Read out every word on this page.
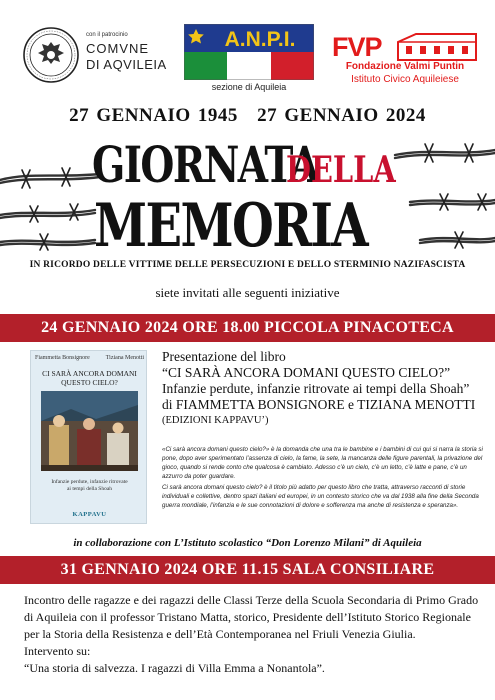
con il patrocinio
COMVNE
DI AQVILEIA
A.N.P.I.
sezione di Aquileia
FVP
Fondazione Valmi Puntin
Istituto Civico Aquileiese
27 GENNAIO 1945 27 GENNAIO 2024
GIORNATA
DELLA
MEMORIA
IN RICORDO DELLE VITTIME DELLE PERSECUZIONI E DELLO STERMINIO NAZIFASCISTA
siete invitati alle seguenti iniziative
24 GENNAIO 2024 ORE 18.00 PICCOLA PINACOTECA
Fiammetta Bonsignore	Tiziana Menotti
CI SARÀ ANCORA DOMANI
QUESTO CIELO?
Infanzie perdute, infanzie ritrovate
ai tempi della Shoah
KAPPAVU
Presentazione del libro
“CI SARÀ ANCORA DOMANI QUESTO CIELO?”
Infanzie perdute, infanzie ritrovate ai tempi della Shoah”
di FIAMMETTA BONSIGNORE e TIZIANA MENOTTI
(EDIZIONI KAPPAVU’)

«Ci sarà ancora domani questo cielo?» è la domanda che una tra le bambine e i bambini di cui qui si narra la storia si pone, dopo aver sperimentato l’assenza di cielo, la fame, la sete, la mancanza delle figure parentali, la privazione del gioco, quando si rende conto che qualcosa è cambiato. Adesso c’è un cielo, c’è un letto, c’è latte e pane, c’è un azzurro da poter guardare.

Ci sarà ancora domani questo cielo? è il titolo più adatto per questo libro che tratta, attraverso racconti di storie individuali e collettive, dentro spazi italiani ed europei, in un contesto storico che va dal 1938 alla fine della Seconda guerra mondiale, l’infanzia e le sue connotazioni di dolore e sofferenza ma anche di resistenza e speranza».

in collaborazione con L’Istituto scolastico “Don Lorenzo Milani” di Aquileia
31 GENNAIO 2024 ORE 11.15 SALA CONSILIARE
Incontro delle ragazze e dei ragazzi delle Classi Terze della Scuola Secondaria di Primo Grado di Aquileia con il professor Tristano Matta, storico, Presidente dell’Istituto Storico Regionale per la Storia della Resistenza e dell’Età Contemporanea nel Friuli Venezia Giulia.
Intervento su:
“Una storia di salvezza. I ragazzi di Villa Emma a Nonantola”.
